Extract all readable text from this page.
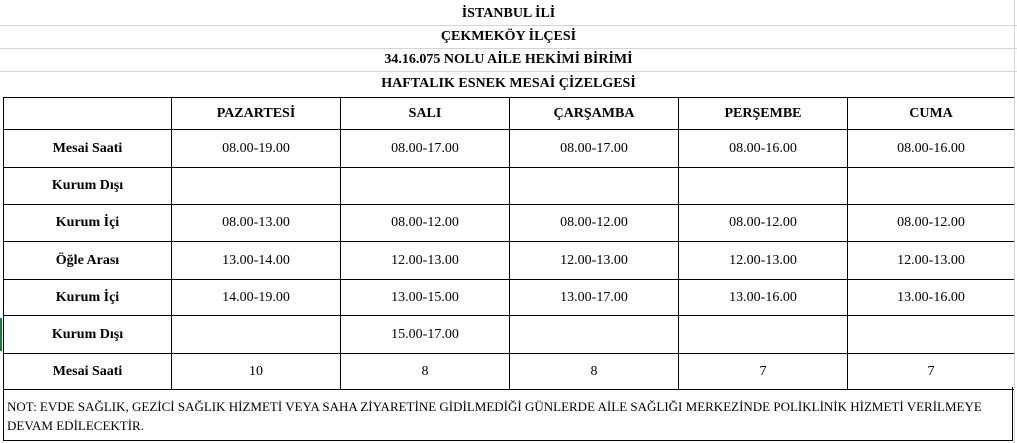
İSTANBUL İLİ
ÇEKMEKÖY İLÇESİ
34.16.075 NOLU AİLE HEKİMİ BİRİMİ
HAFTALIK ESNEK MESAİ ÇİZELGESİ
	PAZARTESİ	SALI	ÇARŞAMBA	PERŞEMBE	CUMA
Mesai Saati	08.00-19.00	08.00-17.00	08.00-17.00	08.00-16.00	08.00-16.00
Kurum Dışı					
Kurum İçi	08.00-13.00	08.00-12.00	08.00-12.00	08.00-12.00	08.00-12.00
Öğle Arası	13.00-14.00	12.00-13.00	12.00-13.00	12.00-13.00	12.00-13.00
Kurum İçi	14.00-19.00	13.00-15.00	13.00-17.00	13.00-16.00	13.00-16.00
Kurum Dışı		15.00-17.00			
Mesai Saati	10	8	8	7	7
NOT: EVDE SAĞLIK, GEZİCİ SAĞLIK HİZMETİ VEYA SAHA ZİYARETİNE GİDİLMEDİĞİ GÜNLERDE AİLE SAĞLIĞI MERKEZİNDE POLİKLİNİK HİZMETİ VERİLMEYE DEVAM EDİLECEKTİR.
